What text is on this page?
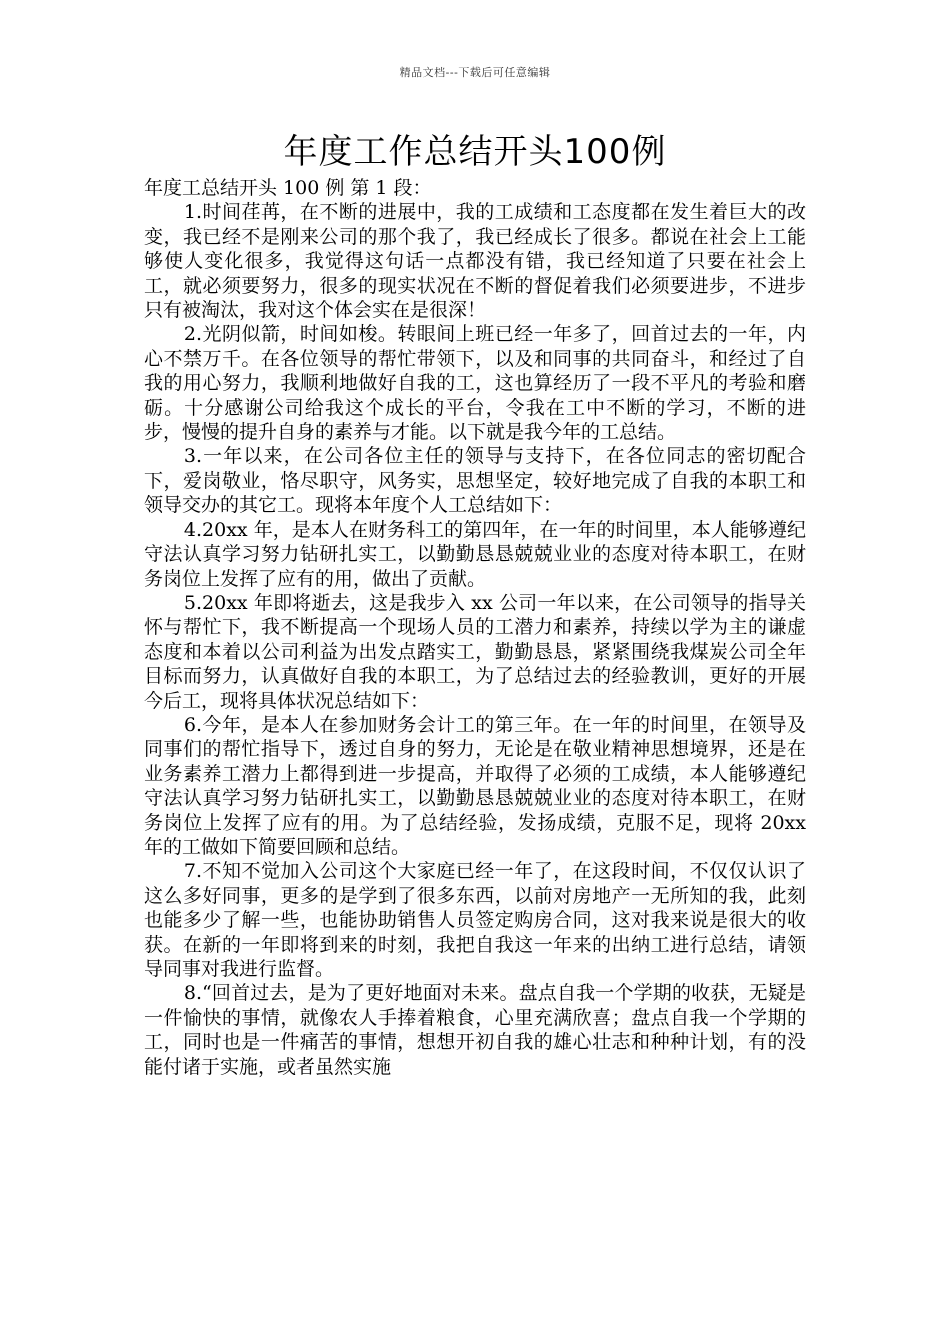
精品文档---下载后可任意编辑
年度工作总结开头100例

年度工总结开头 100 例 第 1 段：

1.时间荏苒，在不断的进展中，我的工成绩和工态度都在发生着巨大的改变，我已经不是刚来公司的那个我了，我已经成长了很多。都说在社会上工能够使人变化很多，我觉得这句话一点都没有错，我已经知道了只要在社会上工，就必须要努力，很多的现实状况在不断的督促着我们必须要进步，不进步只有被淘汰，我对这个体会实在是很深！

2.光阴似箭，时间如梭。转眼间上班已经一年多了，回首过去的一年，内心不禁万千。在各位领导的帮忙带领下，以及和同事的共同奋斗，和经过了自我的用心努力，我顺利地做好自我的工，这也算经历了一段不平凡的考验和磨砺。十分感谢公司给我这个成长的平台，令我在工中不断的学习，不断的进步，慢慢的提升自身的素养与才能。以下就是我今年的工总结。

3.一年以来，在公司各位主任的领导与支持下，在各位同志的密切配合下，爱岗敬业，恪尽职守，风务实，思想坚定，较好地完成了自我的本职工和领导交办的其它工。现将本年度个人工总结如下：

4.20xx 年，是本人在财务科工的第四年，在一年的时间里，本人能够遵纪守法认真学习努力钻研扎实工，以勤勤恳恳兢兢业业的态度对待本职工，在财务岗位上发挥了应有的用，做出了贡献。

5.20xx 年即将逝去，这是我步入 xx 公司一年以来，在公司领导的指导关怀与帮忙下，我不断提高一个现场人员的工潜力和素养，持续以学为主的谦虚态度和本着以公司利益为出发点踏实工，勤勤恳恳，紧紧围绕我煤炭公司全年目标而努力，认真做好自我的本职工，为了总结过去的经验教训，更好的开展今后工，现将具体状况总结如下：

6.今年，是本人在参加财务会计工的第三年。在一年的时间里，在领导及同事们的帮忙指导下，透过自身的努力，无论是在敬业精神思想境界，还是在业务素养工潜力上都得到进一步提高，并取得了必须的工成绩，本人能够遵纪守法认真学习努力钻研扎实工，以勤勤恳恳兢兢业业的态度对待本职工，在财务岗位上发挥了应有的用。为了总结经验，发扬成绩，克服不足，现将 20xx 年的工做如下简要回顾和总结。

7.不知不觉加入公司这个大家庭已经一年了，在这段时间，不仅仅认识了这么多好同事，更多的是学到了很多东西，以前对房地产一无所知的我，此刻也能多少了解一些，也能协助销售人员签定购房合同，这对我来说是很大的收获。在新的一年即将到来的时刻，我把自我这一年来的出纳工进行总结，请领导同事对我进行监督。

8.“回首过去，是为了更好地面对未来。盘点自我一个学期的收获，无疑是一件愉快的事情，就像农人手捧着粮食，心里充满欣喜；盘点自我一个学期的工，同时也是一件痛苦的事情，想想开初自我的雄心壮志和种种计划，有的没能付诸于实施，或者虽然实施
